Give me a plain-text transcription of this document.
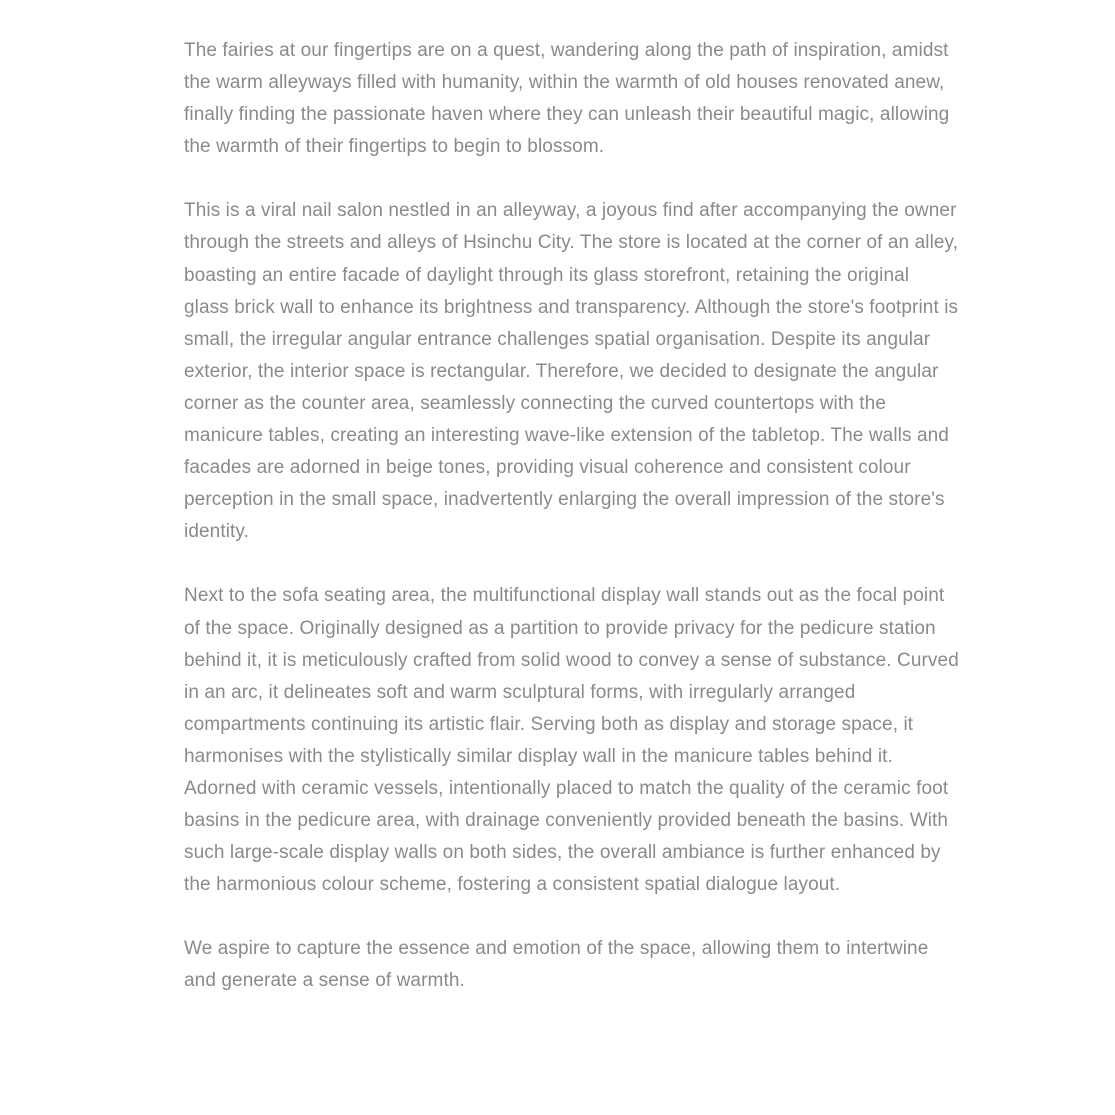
The fairies at our fingertips are on a quest, wandering along the path of inspiration, amidst the warm alleyways filled with humanity, within the warmth of old houses renovated anew, finally finding the passionate haven where they can unleash their beautiful magic, allowing the warmth of their fingertips to begin to blossom.

This is a viral nail salon nestled in an alleyway, a joyous find after accompanying the owner through the streets and alleys of Hsinchu City. The store is located at the corner of an alley, boasting an entire facade of daylight through its glass storefront, retaining the original glass brick wall to enhance its brightness and transparency. Although the store's footprint is small, the irregular angular entrance challenges spatial organisation. Despite its angular exterior, the interior space is rectangular. Therefore, we decided to designate the angular corner as the counter area, seamlessly connecting the curved countertops with the manicure tables, creating an interesting wave-like extension of the tabletop. The walls and facades are adorned in beige tones, providing visual coherence and consistent colour perception in the small space, inadvertently enlarging the overall impression of the store's identity.

Next to the sofa seating area, the multifunctional display wall stands out as the focal point of the space. Originally designed as a partition to provide privacy for the pedicure station behind it, it is meticulously crafted from solid wood to convey a sense of substance. Curved in an arc, it delineates soft and warm sculptural forms, with irregularly arranged compartments continuing its artistic flair. Serving both as display and storage space, it harmonises with the stylistically similar display wall in the manicure tables behind it. Adorned with ceramic vessels, intentionally placed to match the quality of the ceramic foot basins in the pedicure area, with drainage conveniently provided beneath the basins. With such large-scale display walls on both sides, the overall ambiance is further enhanced by the harmonious colour scheme, fostering a consistent spatial dialogue layout.

We aspire to capture the essence and emotion of the space, allowing them to intertwine and generate a sense of warmth.
